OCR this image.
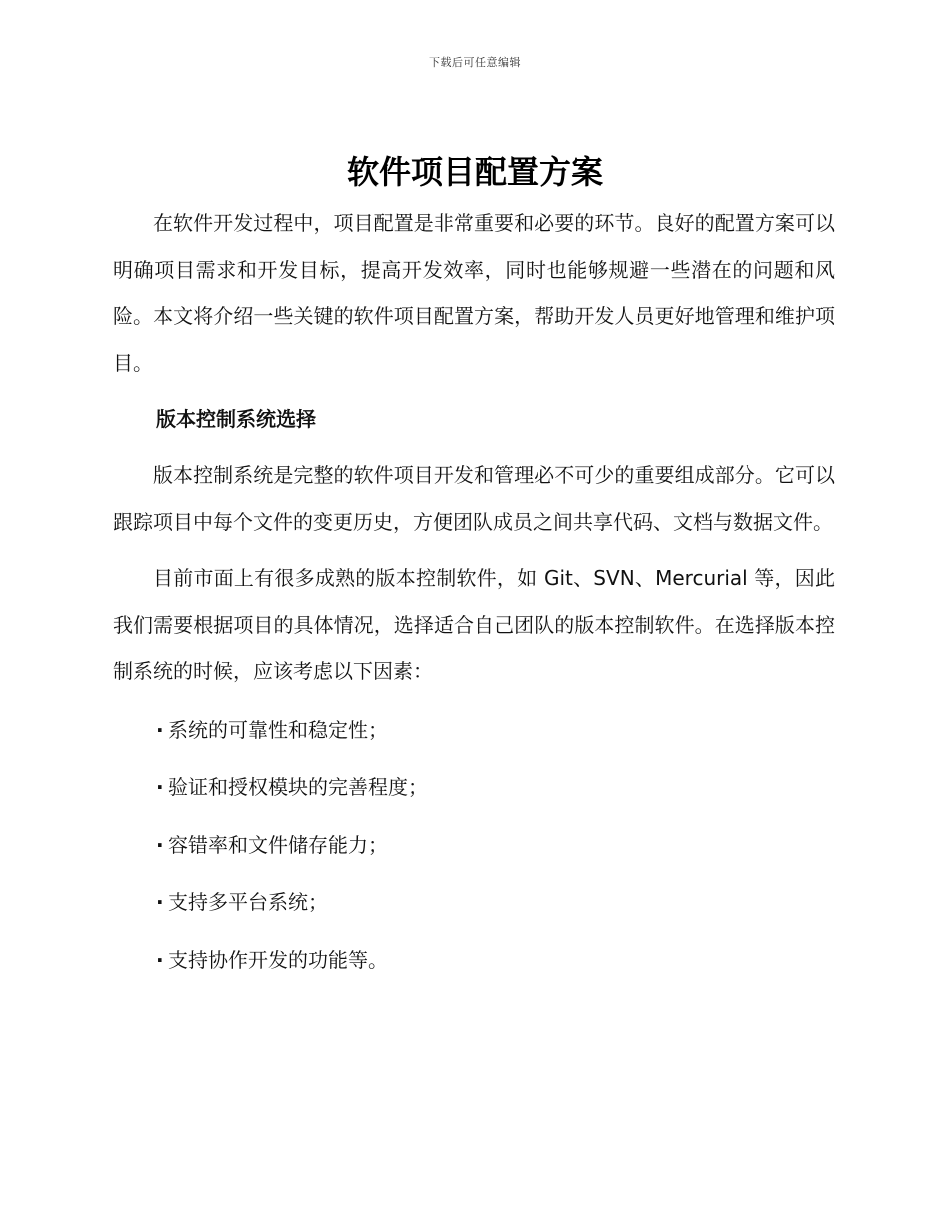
下载后可任意编辑
软件项目配置方案

在软件开发过程中，项目配置是非常重要和必要的环节。良好的配置方案可以明确项目需求和开发目标，提高开发效率，同时也能够规避一些潜在的问题和风险。本文将介绍一些关键的软件项目配置方案，帮助开发人员更好地管理和维护项目。

版本控制系统选择

版本控制系统是完整的软件项目开发和管理必不可少的重要组成部分。它可以跟踪项目中每个文件的变更历史，方便团队成员之间共享代码、文档与数据文件。

目前市面上有很多成熟的版本控制软件，如 Git、SVN、Mercurial 等，因此我们需要根据项目的具体情况，选择适合自己团队的版本控制软件。在选择版本控制系统的时候，应该考虑以下因素：

· 系统的可靠性和稳定性；
· 验证和授权模块的完善程度；
· 容错率和文件储存能力；
· 支持多平台系统；
· 支持协作开发的功能等。
